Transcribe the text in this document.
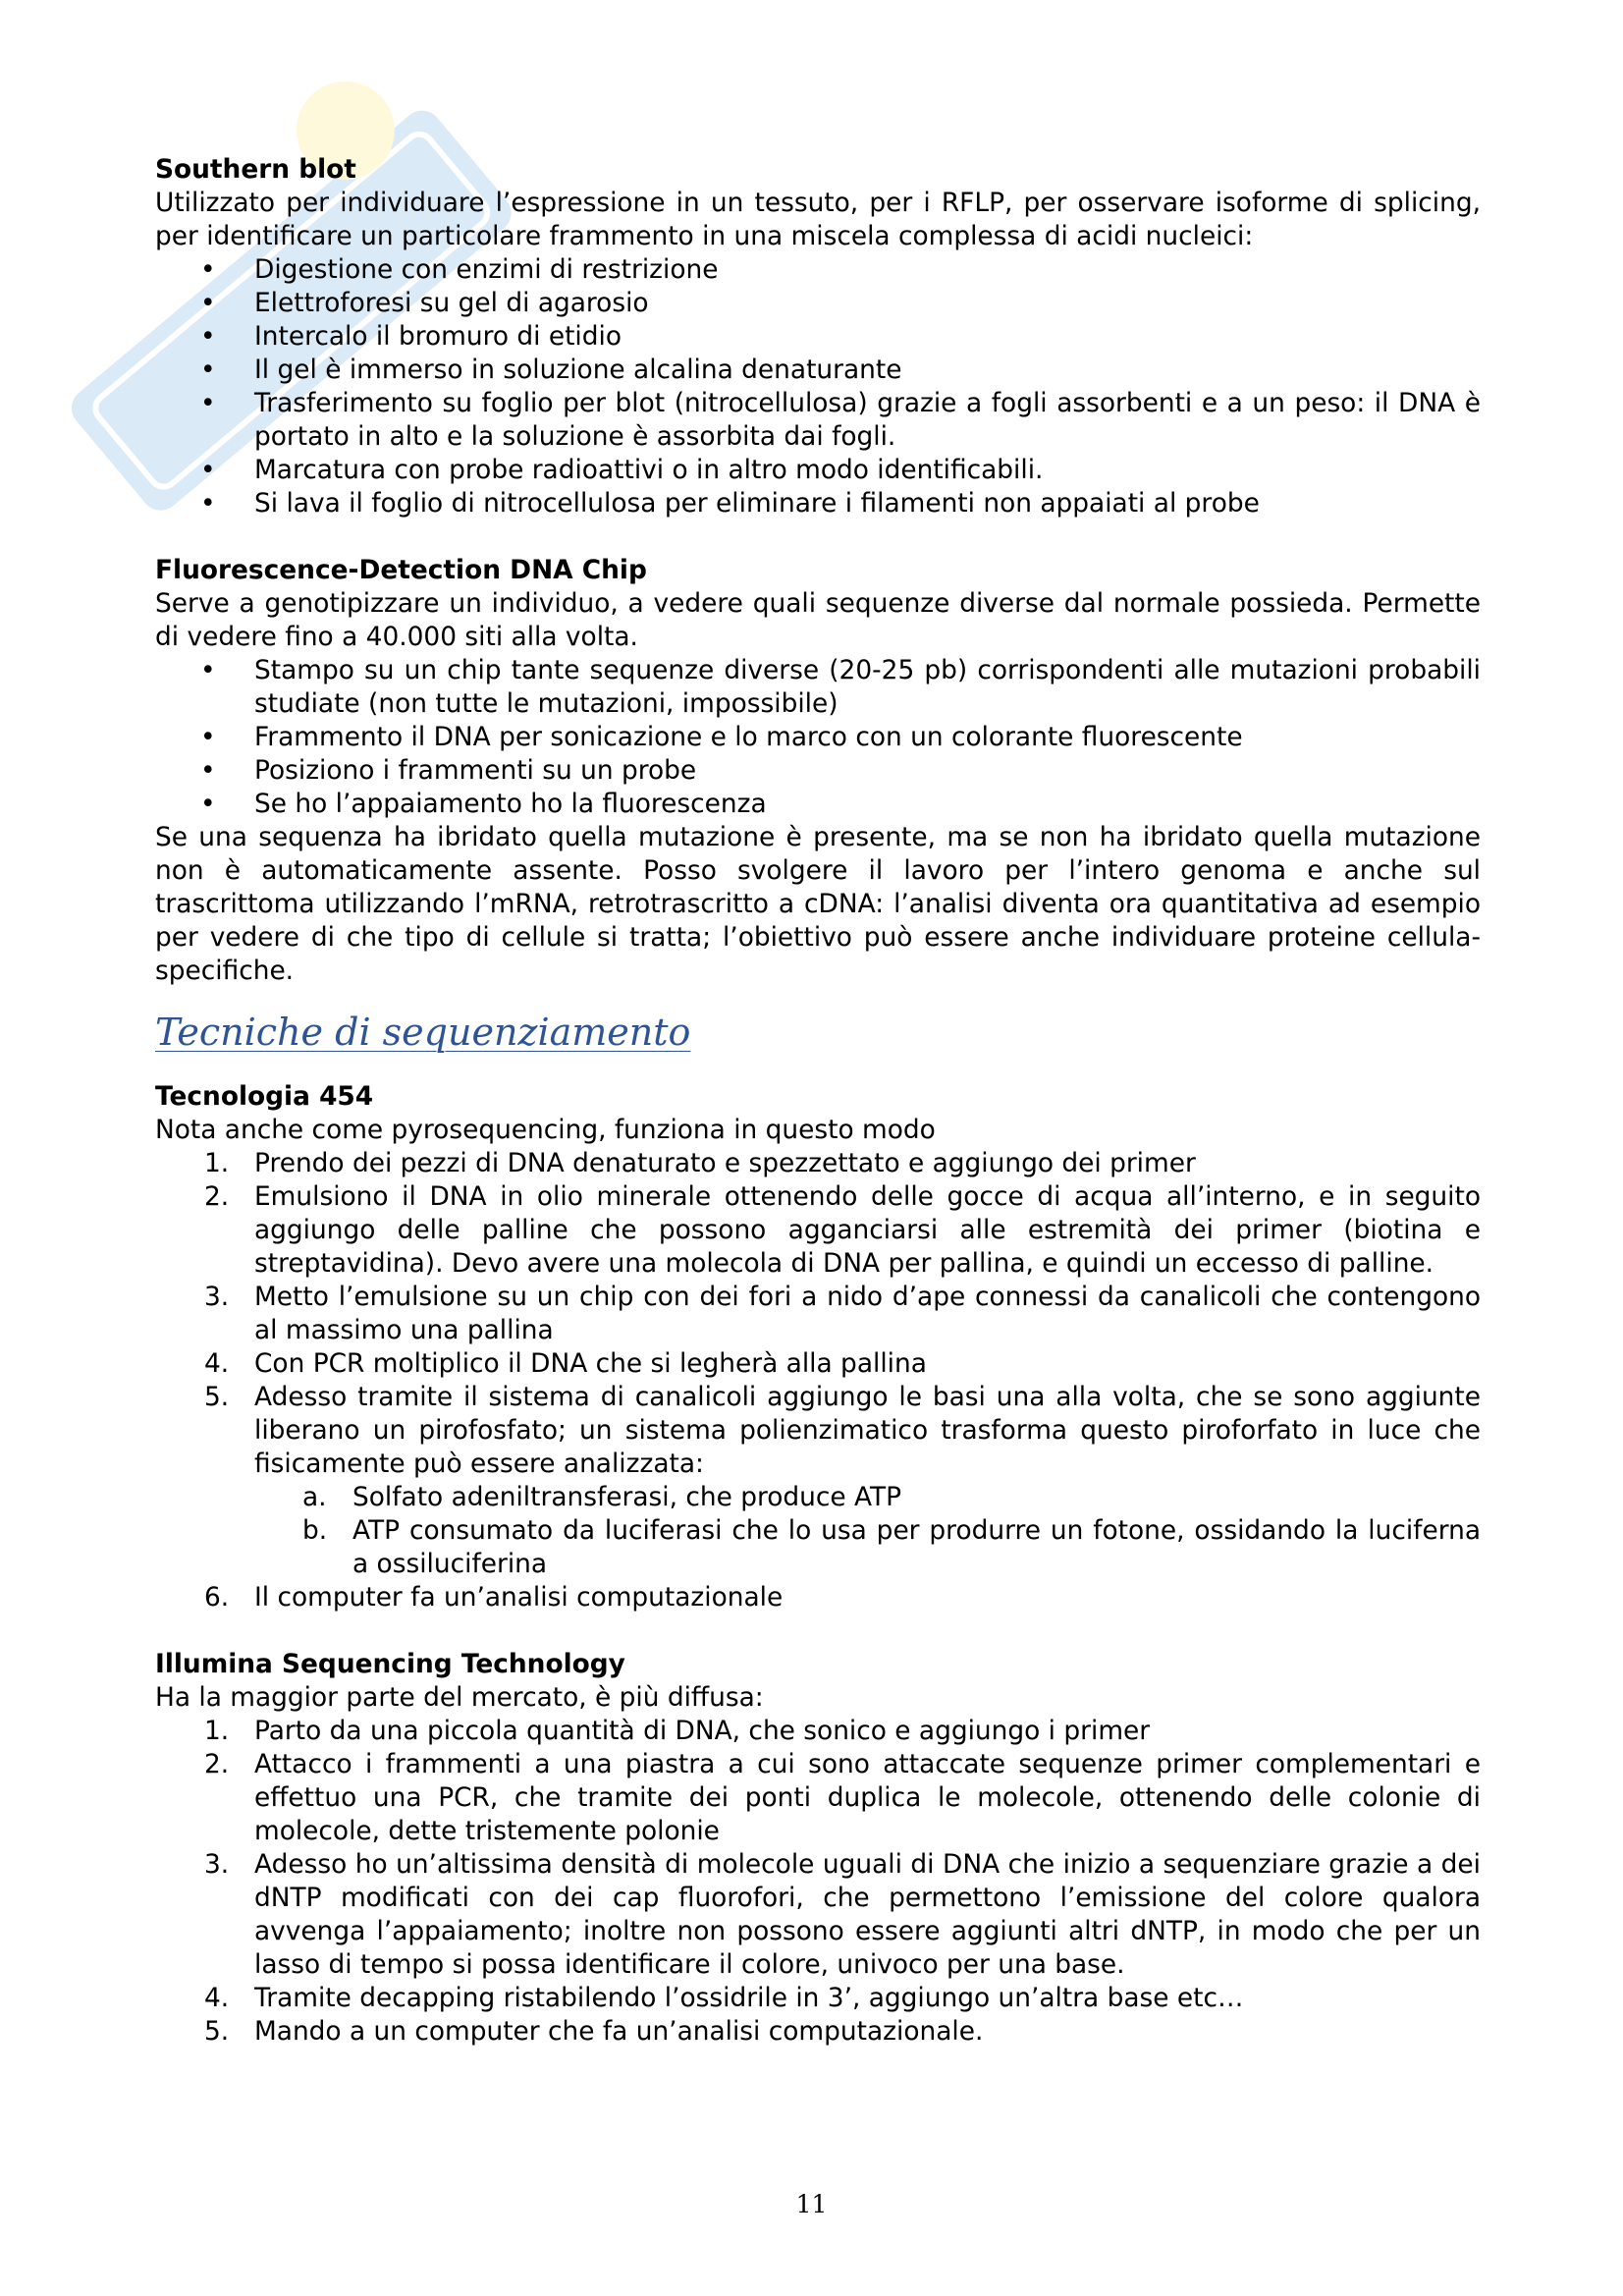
Southern blot

Utilizzato per individuare l’espressione in un tessuto, per i RFLP, per osservare isoforme di splicing, per identificare un particolare frammento in una miscela complessa di acidi nucleici:

• Digestione con enzimi di restrizione
• Elettroforesi su gel di agarosio
• Intercalo il bromuro di etidio
• Il gel è immerso in soluzione alcalina denaturante
• Trasferimento su foglio per blot (nitrocellulosa) grazie a fogli assorbenti e a un peso: il DNA è portato in alto e la soluzione è assorbita dai fogli.
• Marcatura con probe radioattivi o in altro modo identificabili.
• Si lava il foglio di nitrocellulosa per eliminare i filamenti non appaiati al probe
Fluorescence-Detection DNA Chip

Serve a genotipizzare un individuo, a vedere quali sequenze diverse dal normale possieda. Permette di vedere fino a 40.000 siti alla volta.

• Stampo su un chip tante sequenze diverse (20-25 pb) corrispondenti alle mutazioni probabili studiate (non tutte le mutazioni, impossibile)
• Frammento il DNA per sonicazione e lo marco con un colorante fluorescente
• Posiziono i frammenti su un probe
• Se ho l’appaiamento ho la fluorescenza

Se una sequenza ha ibridato quella mutazione è presente, ma se non ha ibridato quella mutazione non è automaticamente assente. Posso svolgere il lavoro per l’intero genoma e anche sul trascrittoma utilizzando l’mRNA, retrotrascritto a cDNA: l’analisi diventa ora quantitativa ad esempio per vedere di che tipo di cellule si tratta; l’obiettivo può essere anche individuare proteine cellula-specifiche.

Tecniche di sequenziamento
Tecnologia 454

Nota anche come pyrosequencing, funziona in questo modo

1. Prendo dei pezzi di DNA denaturato e spezzettato e aggiungo dei primer
2. Emulsiono il DNA in olio minerale ottenendo delle gocce di acqua all’interno, e in seguito aggiungo delle palline che possono agganciarsi alle estremità dei primer (biotina e streptavidina). Devo avere una molecola di DNA per pallina, e quindi un eccesso di palline.
3. Metto l’emulsione su un chip con dei fori a nido d’ape connessi da canalicoli che contengono al massimo una pallina
4. Con PCR moltiplico il DNA che si legherà alla pallina
5. Adesso tramite il sistema di canalicoli aggiungo le basi una alla volta, che se sono aggiunte liberano un pirofosfato; un sistema polienzimatico trasforma questo piroforfato in luce che fisicamente può essere analizzata:
a. Solfato adeniltransferasi, che produce ATP
b. ATP consumato da luciferasi che lo usa per produrre un fotone, ossidando la luciferna a ossiluciferina
6. Il computer fa un’analisi computazionale
Illumina Sequencing Technology

Ha la maggior parte del mercato, è più diffusa:

1. Parto da una piccola quantità di DNA, che sonico e aggiungo i primer
2. Attacco i frammenti a una piastra a cui sono attaccate sequenze primer complementari e effettuo una PCR, che tramite dei ponti duplica le molecole, ottenendo delle colonie di molecole, dette tristemente polonie
3. Adesso ho un’altissima densità di molecole uguali di DNA che inizio a sequenziare grazie a dei dNTP modificati con dei cap fluorofori, che permettono l’emissione del colore qualora avvenga l’appaiamento; inoltre non possono essere aggiunti altri dNTP, in modo che per un lasso di tempo si possa identificare il colore, univoco per una base.
4. Tramite decapping ristabilendo l’ossidrile in 3’, aggiungo un’altra base etc…
5. Mando a un computer che fa un’analisi computazionale.
11
